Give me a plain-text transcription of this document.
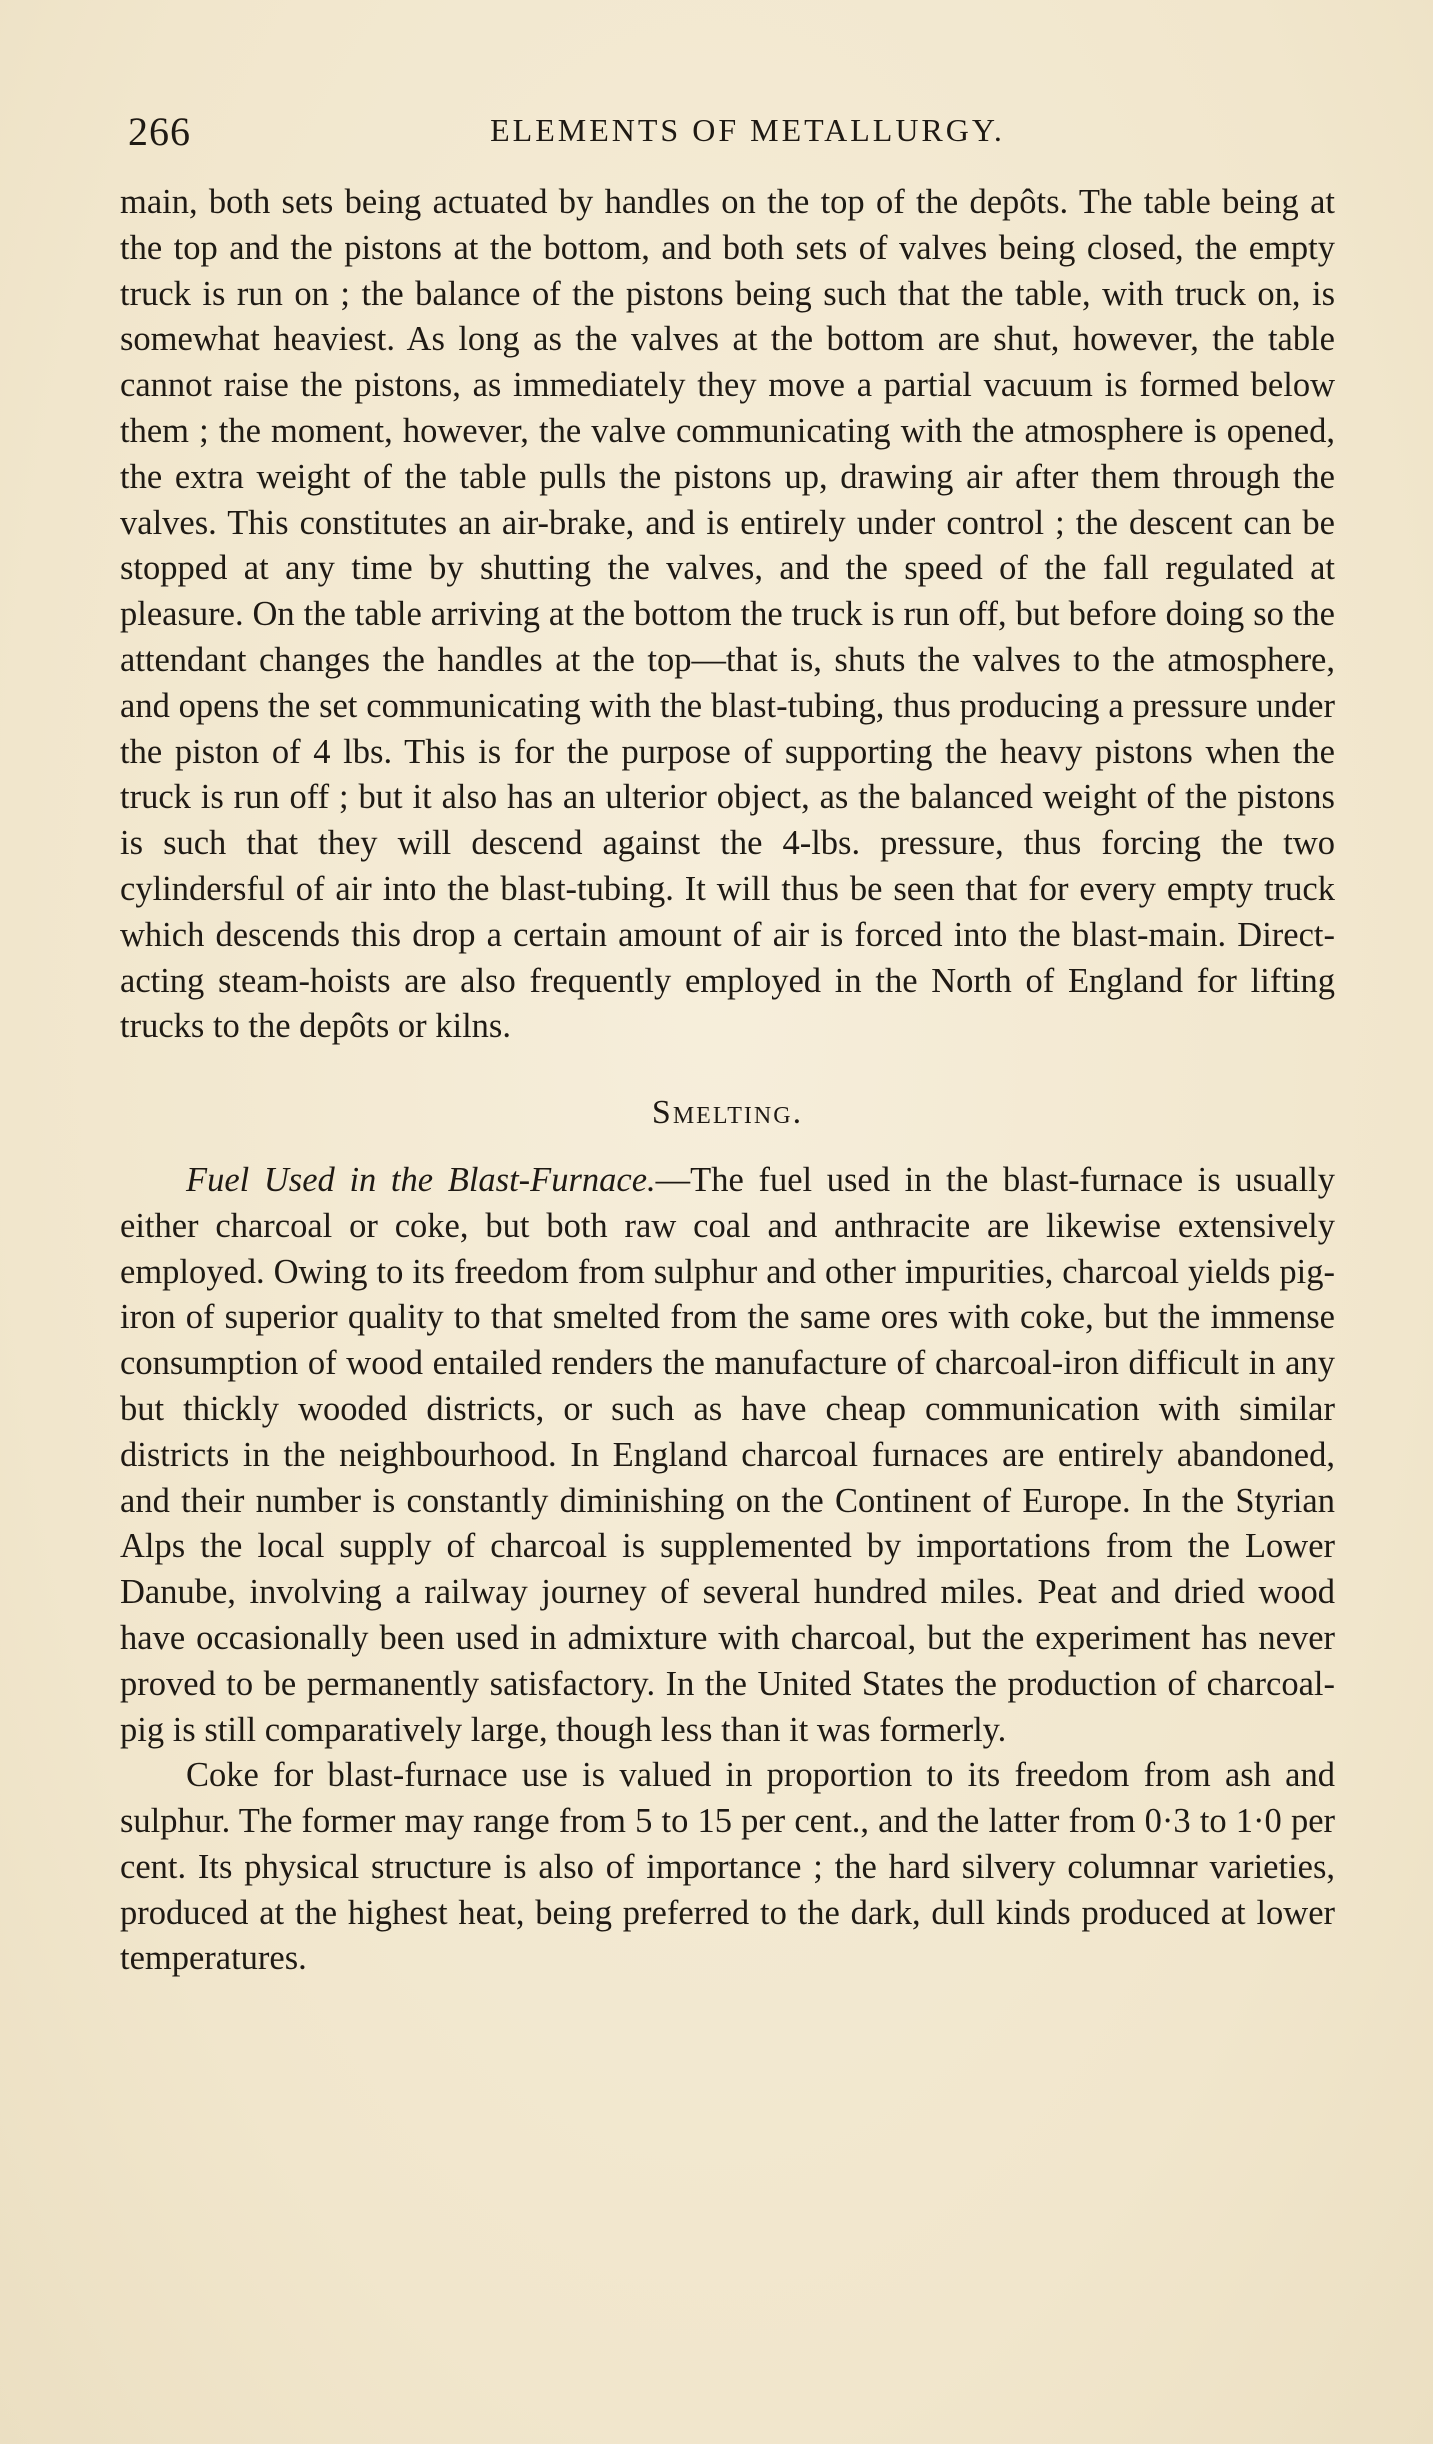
266	ELEMENTS OF METALLURGY.

main, both sets being actuated by handles on the top of the depôts. The table being at the top and the pistons at the bottom, and both sets of valves being closed, the empty truck is run on ; the balance of the pistons being such that the table, with truck on, is somewhat heaviest. As long as the valves at the bottom are shut, however, the table cannot raise the pistons, as immediately they move a partial vacuum is formed below them ; the moment, however, the valve communicating with the atmosphere is opened, the extra weight of the table pulls the pistons up, drawing air after them through the valves. This constitutes an air-brake, and is entirely under control ; the descent can be stopped at any time by shutting the valves, and the speed of the fall regulated at pleasure. On the table arriving at the bottom the truck is run off, but before doing so the attendant changes the handles at the top—that is, shuts the valves to the atmosphere, and opens the set communicating with the blast-tubing, thus producing a pressure under the piston of 4 lbs. This is for the purpose of supporting the heavy pistons when the truck is run off ; but it also has an ulterior object, as the balanced weight of the pistons is such that they will descend against the 4-lbs. pressure, thus forcing the two cylindersful of air into the blast-tubing. It will thus be seen that for every empty truck which descends this drop a certain amount of air is forced into the blast-main. Direct-acting steam-hoists are also frequently employed in the North of England for lifting trucks to the depôts or kilns.

Smelting.

Fuel Used in the Blast-Furnace.—The fuel used in the blast-furnace is usually either charcoal or coke, but both raw coal and anthracite are likewise extensively employed. Owing to its freedom from sulphur and other impurities, charcoal yields pig-iron of superior quality to that smelted from the same ores with coke, but the immense consumption of wood entailed renders the manufacture of charcoal-iron difficult in any but thickly wooded districts, or such as have cheap communication with similar districts in the neighbourhood. In England charcoal furnaces are entirely abandoned, and their number is constantly diminishing on the Continent of Europe. In the Styrian Alps the local supply of charcoal is supplemented by importations from the Lower Danube, involving a railway journey of several hundred miles. Peat and dried wood have occasionally been used in admixture with charcoal, but the experiment has never proved to be permanently satisfactory. In the United States the production of charcoal-pig is still comparatively large, though less than it was formerly.

Coke for blast-furnace use is valued in proportion to its freedom from ash and sulphur. The former may range from 5 to 15 per cent., and the latter from 0·3 to 1·0 per cent. Its physical structure is also of importance ; the hard silvery columnar varieties, produced at the highest heat, being preferred to the dark, dull kinds produced at lower temperatures.
